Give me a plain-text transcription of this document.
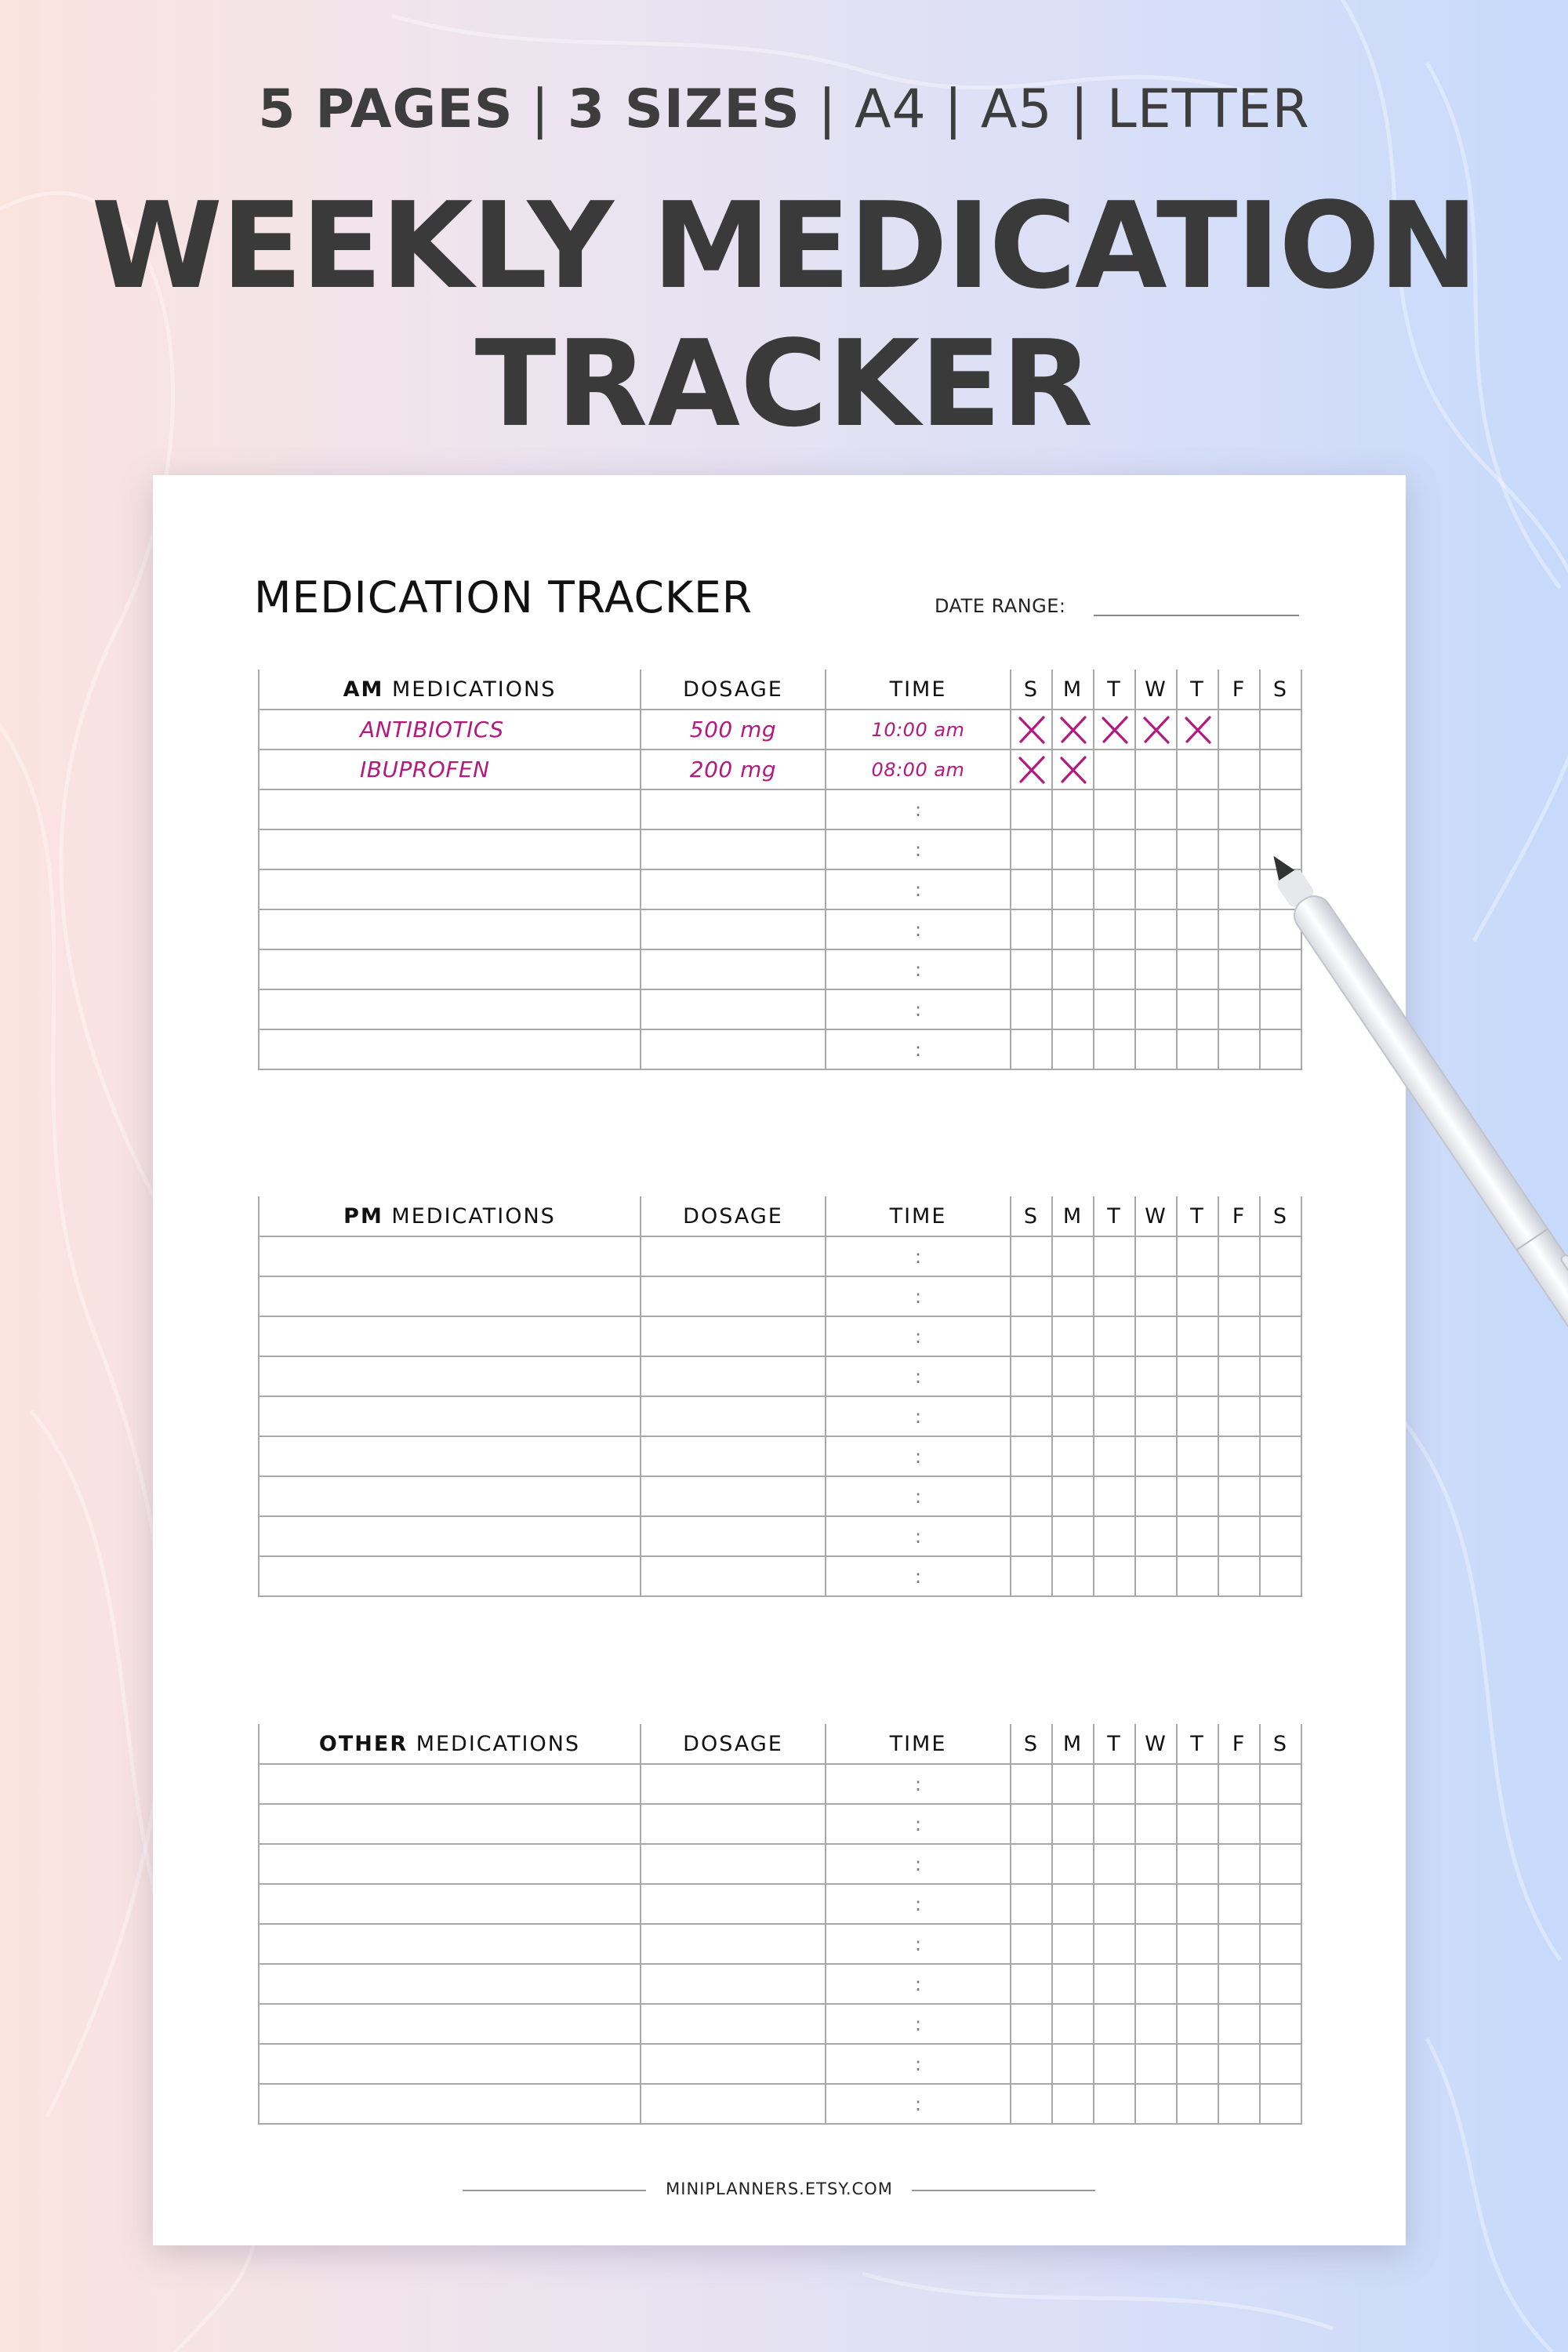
5 PAGES | 3 SIZES | A4 | A5 | LETTER
WEEKLY MEDICATION
TRACKER
MEDICATION TRACKER	DATE RANGE:
AM MEDICATIONS	DOSAGE	TIME	S	M	T	W	T	F	S
ANTIBIOTICS	500 mg	10:00 am	

IBUPROFEN	200 mg	08:00 am	

		:							
		:							
		:							
		:							
		:							
		:							
		:							
PM MEDICATIONS	DOSAGE	TIME	S	M	T	W	T	F	S
		:							
		:							
		:							
		:							
		:							
		:							
		:							
		:							
		:							
OTHER MEDICATIONS	DOSAGE	TIME	S	M	T	W	T	F	S
		:							
		:							
		:							
		:							
		:							
		:							
		:							
		:							
		:							
MINIPLANNERS.ETSY.COM
